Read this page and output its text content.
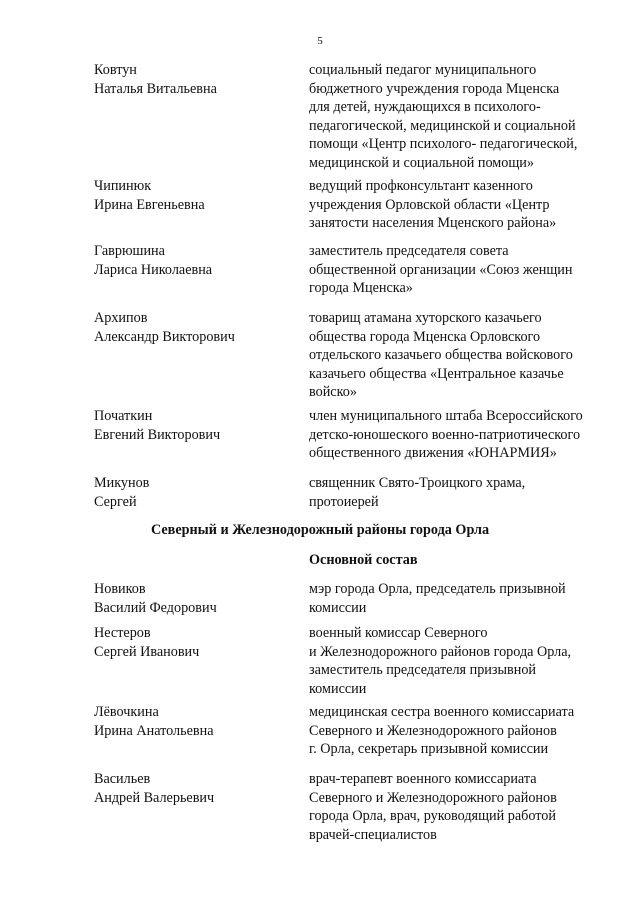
5
Ковтун
Наталья Витальевна
социальный педагог муниципального
бюджетного учреждения города Мценска
для детей, нуждающихся в психолого-
педагогической, медицинской и социальной
помощи «Центр психолого- педагогической,
медицинской и социальной помощи»
Чипинюк
Ирина Евгеньевна
ведущий профконсультант казенного
учреждения Орловской области «Центр
занятости населения Мценского района»
Гаврюшина
Лариса Николаевна
заместитель председателя совета
общественной организации «Союз женщин
города Мценска»
Архипов
Александр Викторович
товарищ атамана хуторского казачьего
общества города Мценска Орловского
отдельского казачьего общества войскового
казачьего общества «Центральное казачье
войско»
Початкин
Евгений Викторович
член муниципального штаба Всероссийского
детско-юношеского военно-патриотического
общественного движения «ЮНАРМИЯ»
Микунов
Сергей
священник Свято-Троицкого храма,
протоиерей
Северный и Железнодорожный районы города Орла
Основной состав
Новиков
Василий Федорович
мэр города Орла, председатель призывной
комиссии
Нестеров
Сергей Иванович
военный комиссар Северного
и Железнодорожного районов города Орла,
заместитель председателя призывной
комиссии
Лёвочкина
Ирина Анатольевна
медицинская сестра военного комиссариата
Северного и Железнодорожного районов
г. Орла, секретарь призывной комиссии
Васильев
Андрей Валерьевич
врач-терапевт военного комиссариата
Северного и Железнодорожного районов
города Орла, врач, руководящий работой
врачей-специалистов
